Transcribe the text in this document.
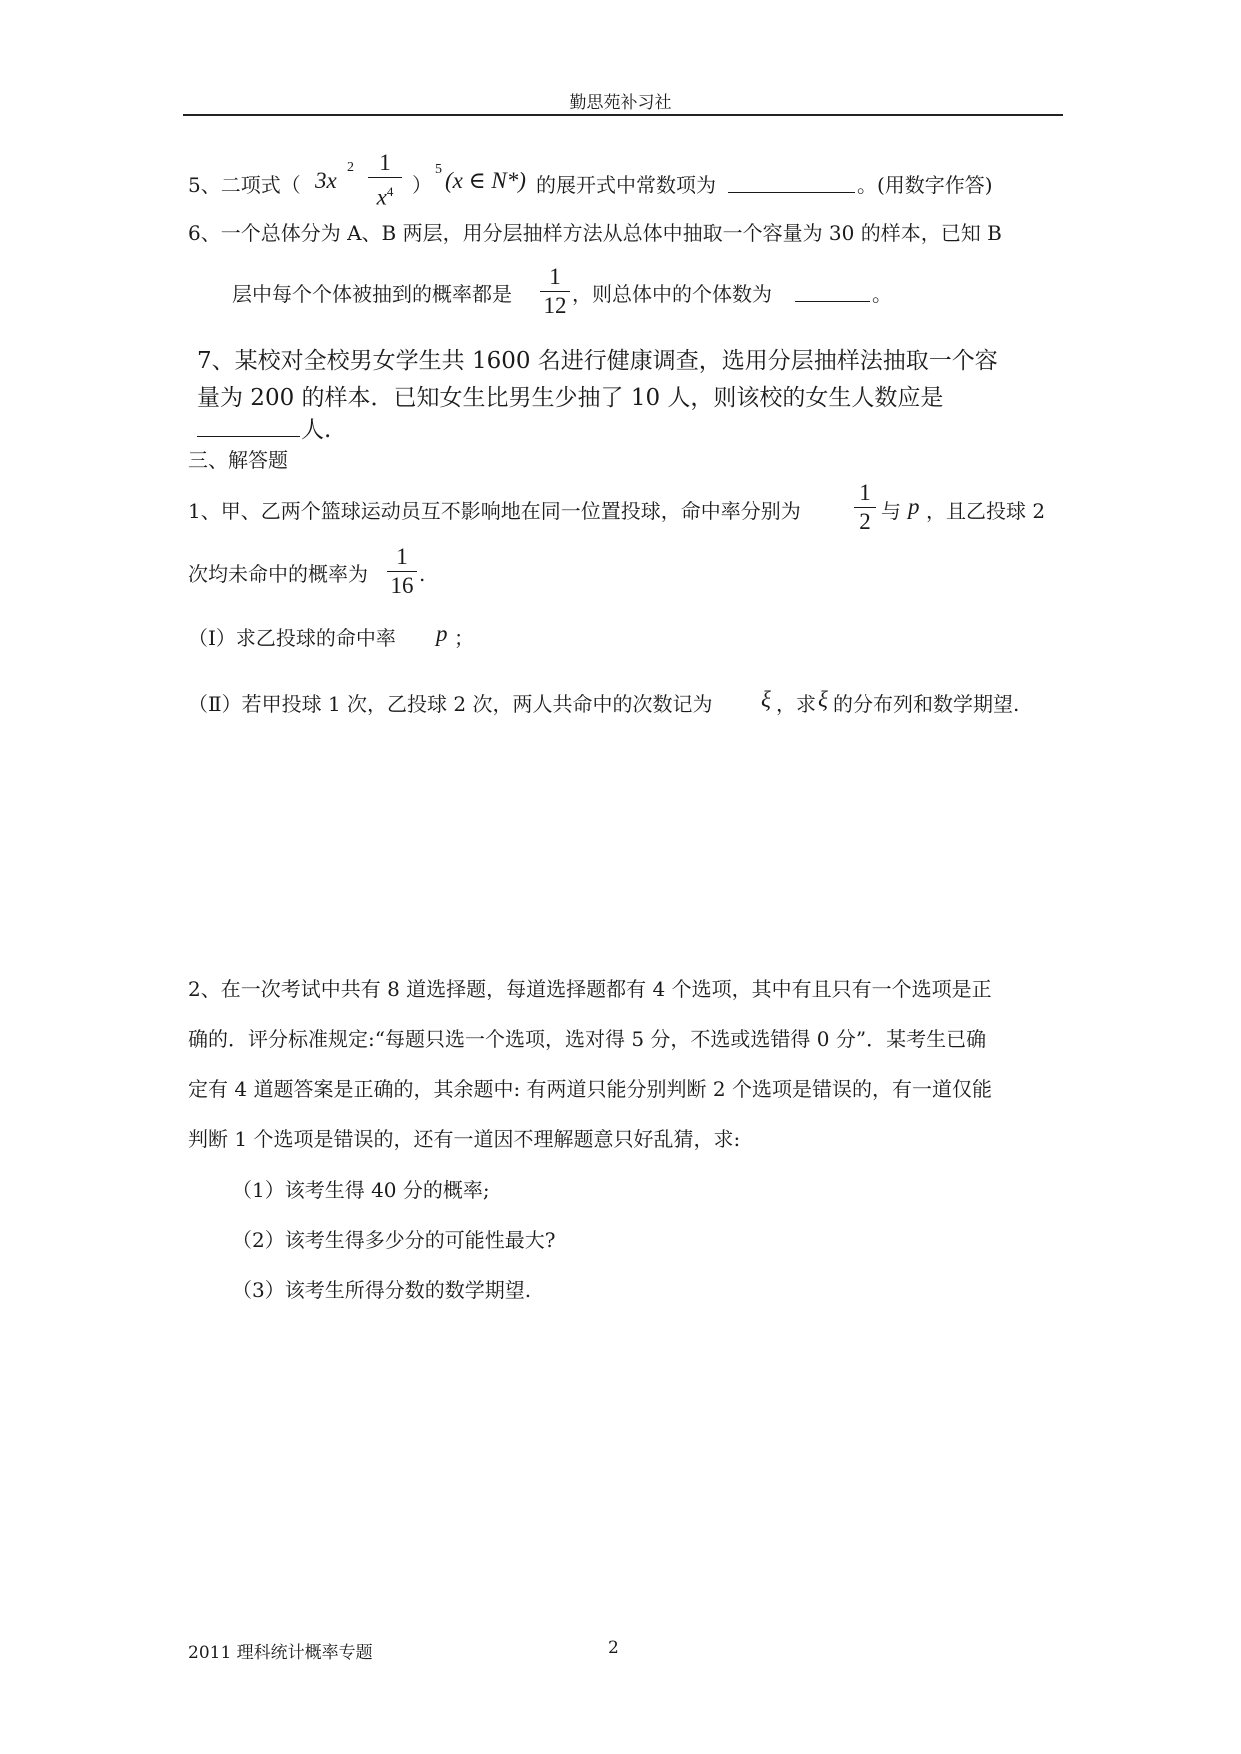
勤思苑补习社
5、二项式（ 3x
2	1
$x^4$ ）
5 (x ∈ N*) 的展开式中常数项为	。(用数字作答)
6、一个总体分为 A、B 两层，用分层抽样方法从总体中抽取一个容量为 30 的样本，已知 B
层中每个个体被抽到的概率都是
1
12 ，则总体中的个体数为	。
7、某校对全校男女学生共 1600 名进行健康调查，选用分层抽样法抽取一个容
量为 200 的样本．已知女生比男生少抽了 10 人，则该校的女生人数应是
人.
三、解答题
1、甲、乙两个篮球运动员互不影响地在同一位置投球，命中率分别为
1
2 与 p ，且乙投球 2
次均未命中的概率为
1
16 .
（Ⅰ）求乙投球的命中率 p ；
（Ⅱ）若甲投球 1 次，乙投球 2 次，两人共命中的次数记为 ξ ，求 ξ 的分布列和数学期望.
2、在一次考试中共有 8 道选择题，每道选择题都有 4 个选项，其中有且只有一个选项是正
确的．评分标准规定:“每题只选一个选项，选对得 5 分，不选或选错得 0 分”．某考生已确
定有 4 道题答案是正确的，其余题中: 有两道只能分别判断 2 个选项是错误的，有一道仅能
判断 1 个选项是错误的，还有一道因不理解题意只好乱猜，求:
（1）该考生得 40 分的概率;
（2）该考生得多少分的可能性最大?
（3）该考生所得分数的数学期望.
2011 理科统计概率专题	2
